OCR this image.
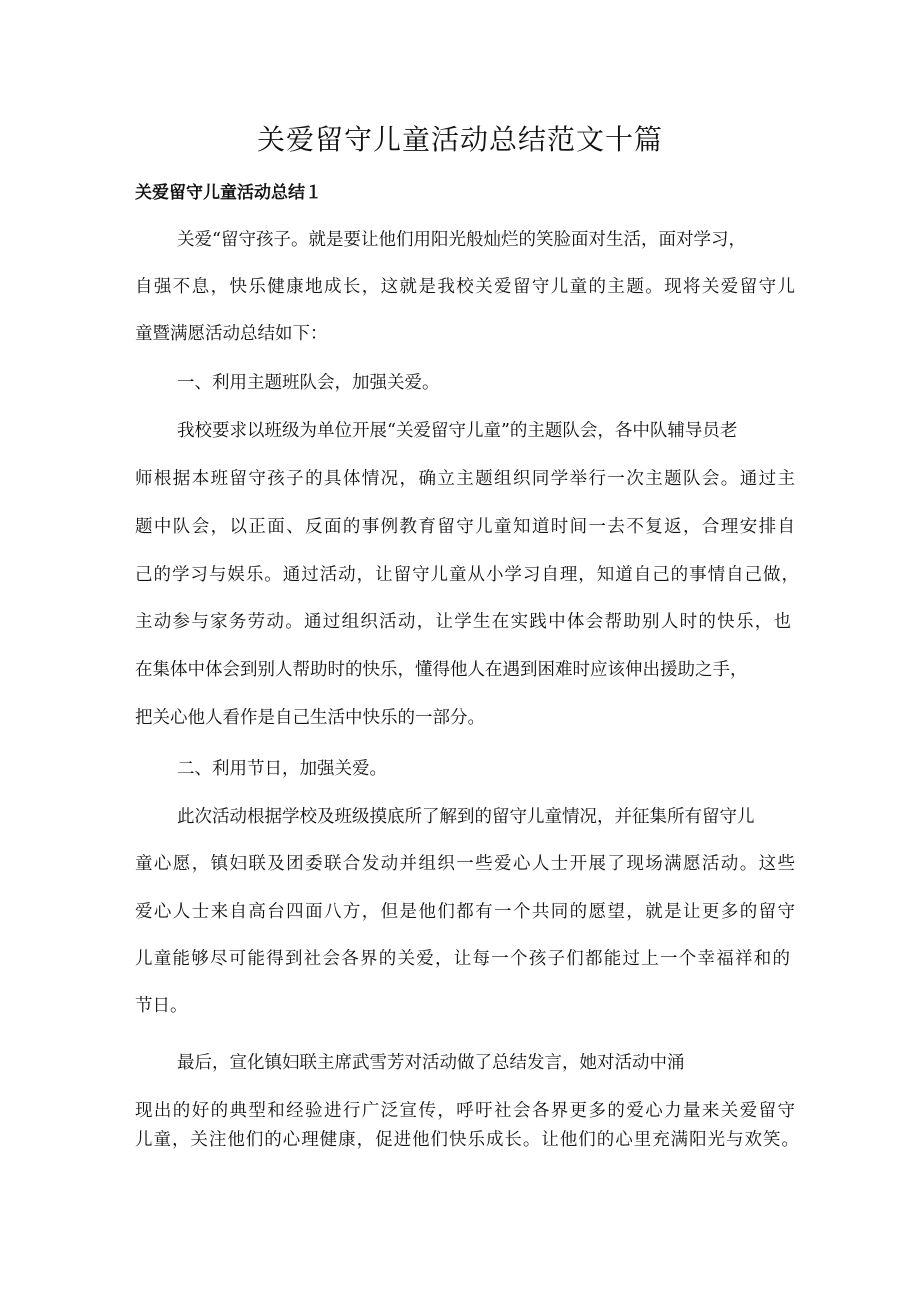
关爱留守儿童活动总结范文十篇
关爱留守儿童活动总结１
关爱“留守孩子。就是要让他们用阳光般灿烂的笑脸面对生活，面对学习，
自强不息，快乐健康地成长，这就是我校关爱留守儿童的主题。现将关爱留守儿
童暨满愿活动总结如下：
一、利用主题班队会，加强关爱。
我校要求以班级为单位开展“关爱留守儿童”的主题队会，各中队辅导员老
师根据本班留守孩子的具体情况，确立主题组织同学举行一次主题队会。通过主
题中队会，以正面、反面的事例教育留守儿童知道时间一去不复返，合理安排自
己的学习与娱乐。通过活动，让留守儿童从小学习自理，知道自己的事情自己做，
主动参与家务劳动。通过组织活动，让学生在实践中体会帮助别人时的快乐，也
在集体中体会到别人帮助时的快乐，懂得他人在遇到困难时应该伸出援助之手，
把关心他人看作是自己生活中快乐的一部分。
二、利用节日，加强关爱。
此次活动根据学校及班级摸底所了解到的留守儿童情况，并征集所有留守儿
童心愿，镇妇联及团委联合发动并组织一些爱心人士开展了现场满愿活动。这些
爱心人士来自高台四面八方，但是他们都有一个共同的愿望，就是让更多的留守
儿童能够尽可能得到社会各界的关爱，让每一个孩子们都能过上一个幸福祥和的
节日。
最后，宣化镇妇联主席武雪芳对活动做了总结发言，她对活动中涌
现出的好的典型和经验进行广泛宣传，呼吁社会各界更多的爱心力量来关爱留守
儿童，关注他们的心理健康，促进他们快乐成长。让他们的心里充满阳光与欢笑。
